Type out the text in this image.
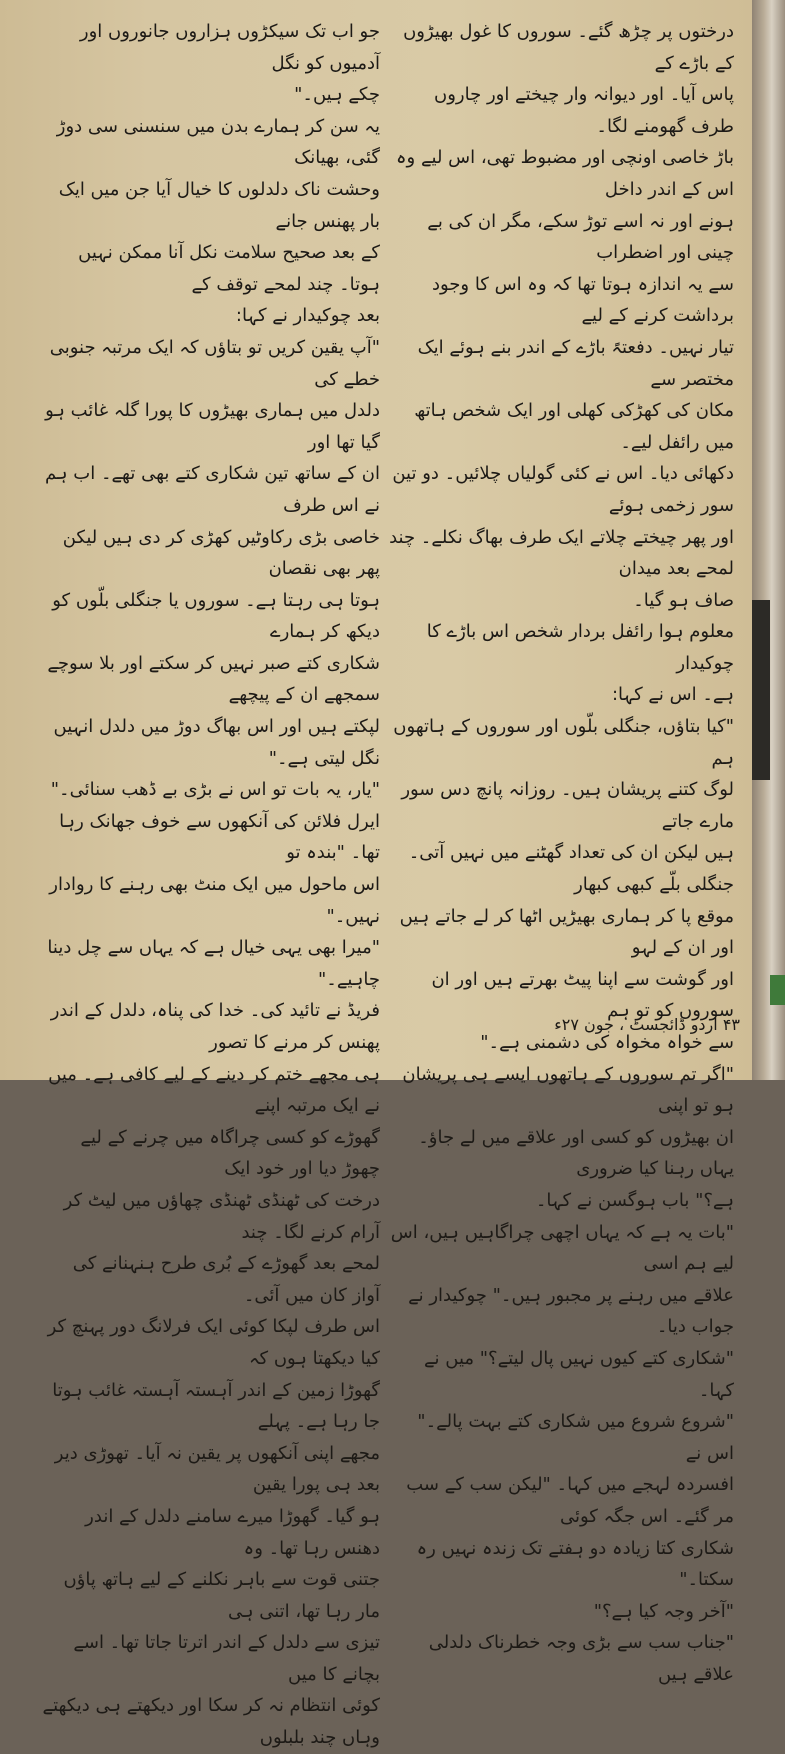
درختوں پر چڑھ گئے۔ سوروں کا غول بھیڑوں کے باڑے کے

پاس آیا۔ اور دیوانہ وار چیختے اور چاروں طرف گھومنے لگا۔

باڑ خاصی اونچی اور مضبوط تھی، اس لیے وہ اس کے اندر داخل

ہونے اور نہ اسے توڑ سکے، مگر ان کی بے چینی اور اضطراب

سے یہ اندازہ ہوتا تھا کہ وہ اس کا وجود برداشت کرنے کے لیے

تیار نہیں۔ دفعتہً باڑے کے اندر بنے ہوئے ایک مختصر سے

مکان کی کھڑکی کھلی اور ایک شخص ہاتھ میں رائفل لیے۔

دکھائی دیا۔ اس نے کئی گولیاں چلائیں۔ دو تین سور زخمی ہوئے

اور پھر چیختے چلاتے ایک طرف بھاگ نکلے۔ چند لمحے بعد میدان

صاف ہو گیا۔

معلوم ہوا رائفل بردار شخص اس باڑے کا چوکیدار

ہے۔ اس نے کہا:

"کیا بتاؤں، جنگلی بلّوں اور سوروں کے ہاتھوں ہم

لوگ کتنے پریشان ہیں۔ روزانہ پانچ دس سور مارے جاتے

ہیں لیکن ان کی تعداد گھٹنے میں نہیں آتی۔ جنگلی بلّے کبھی کبھار

موقع پا کر ہماری بھیڑیں اٹھا کر لے جاتے ہیں اور ان کے لہو

اور گوشت سے اپنا پیٹ بھرتے ہیں اور ان سوروں کو تو ہم

سے خواہ مخواہ کی دشمنی ہے۔"

"اگر تم سوروں کے ہاتھوں ایسے ہی پریشان ہو تو اپنی

ان بھیڑوں کو کسی اور علاقے میں لے جاؤ۔ یہاں رہنا کیا ضروری

ہے؟" باب ہوگسن نے کہا۔

"بات یہ ہے کہ یہاں اچھی چراگاہیں ہیں، اس لیے ہم اسی

علاقے میں رہنے پر مجبور ہیں۔" چوکیدار نے جواب دیا۔

"شکاری کتے کیوں نہیں پال لیتے؟" میں نے کہا۔

"شروع شروع میں شکاری کتے بہت پالے۔" اس نے

افسردہ لہجے میں کہا۔ "لیکن سب کے سب مر گئے۔ اس جگہ کوئی

شکاری کتا زیادہ دو ہفتے تک زندہ نہیں رہ سکتا۔"

"آخر وجہ کیا ہے؟"

"جناب سب سے بڑی وجہ خطرناک دلدلی علاقے ہیں

جو اب تک سیکڑوں ہزاروں جانوروں اور آدمیوں کو نگل

چکے ہیں۔"

یہ سن کر ہمارے بدن میں سنسنی سی دوڑ گئی، بھیانک

وحشت ناک دلدلوں کا خیال آیا جن میں ایک بار پھنس جانے

کے بعد صحیح سلامت نکل آنا ممکن نہیں ہوتا۔ چند لمحے توقف کے

بعد چوکیدار نے کہا:

"آپ یقین کریں تو بتاؤں کہ ایک مرتبہ جنوبی خطے کی

دلدل میں ہماری بھیڑوں کا پورا گلہ غائب ہو گیا تھا اور

ان کے ساتھ تین شکاری کتے بھی تھے۔ اب ہم نے اس طرف

خاصی بڑی رکاوٹیں کھڑی کر دی ہیں لیکن پھر بھی نقصان

ہوتا ہی رہتا ہے۔ سوروں یا جنگلی بلّوں کو دیکھ کر ہمارے

شکاری کتے صبر نہیں کر سکتے اور بلا سوچے سمجھے ان کے پیچھے

لپکتے ہیں اور اس بھاگ دوڑ میں دلدل انہیں نگل لیتی ہے۔"

"یار، یہ بات تو اس نے بڑی بے ڈھب سنائی۔"

ایرل فلائن کی آنکھوں سے خوف جھانک رہا تھا۔ "بندہ تو

اس ماحول میں ایک منٹ بھی رہنے کا روادار نہیں۔"

"میرا بھی یہی خیال ہے کہ یہاں سے چل دینا چاہیے۔"

فریڈ نے تائید کی۔ خدا کی پناہ، دلدل کے اندر پھنس کر مرنے کا تصور

ہی مجھے ختم کر دینے کے لیے کافی ہے۔ میں نے ایک مرتبہ اپنے

گھوڑے کو کسی چراگاہ میں چرنے کے لیے چھوڑ دیا اور خود ایک

درخت کی ٹھنڈی ٹھنڈی چھاؤں میں لیٹ کر آرام کرنے لگا۔ چند

لمحے بعد گھوڑے کے بُری طرح ہنہنانے کی آواز کان میں آئی۔

اس طرف لپکا کوئی ایک فرلانگ دور پہنچ کر کیا دیکھتا ہوں کہ

گھوڑا زمین کے اندر آہستہ آہستہ غائب ہوتا جا رہا ہے۔ پہلے

مجھے اپنی آنکھوں پر یقین نہ آیا۔ تھوڑی دیر بعد ہی پورا یقین

ہو گیا۔ گھوڑا میرے سامنے دلدل کے اندر دھنس رہا تھا۔ وہ

جتنی قوت سے باہر نکلنے کے لیے ہاتھ پاؤں مار رہا تھا، اتنی ہی

تیزی سے دلدل کے اندر اترتا جاتا تھا۔ اسے بچانے کا میں

کوئی انتظام نہ کر سکا اور دیکھتے ہی دیکھتے وہاں چند بلبلوں

۴۳ اردو ڈائجسٹ ، جون ۲۷ء
